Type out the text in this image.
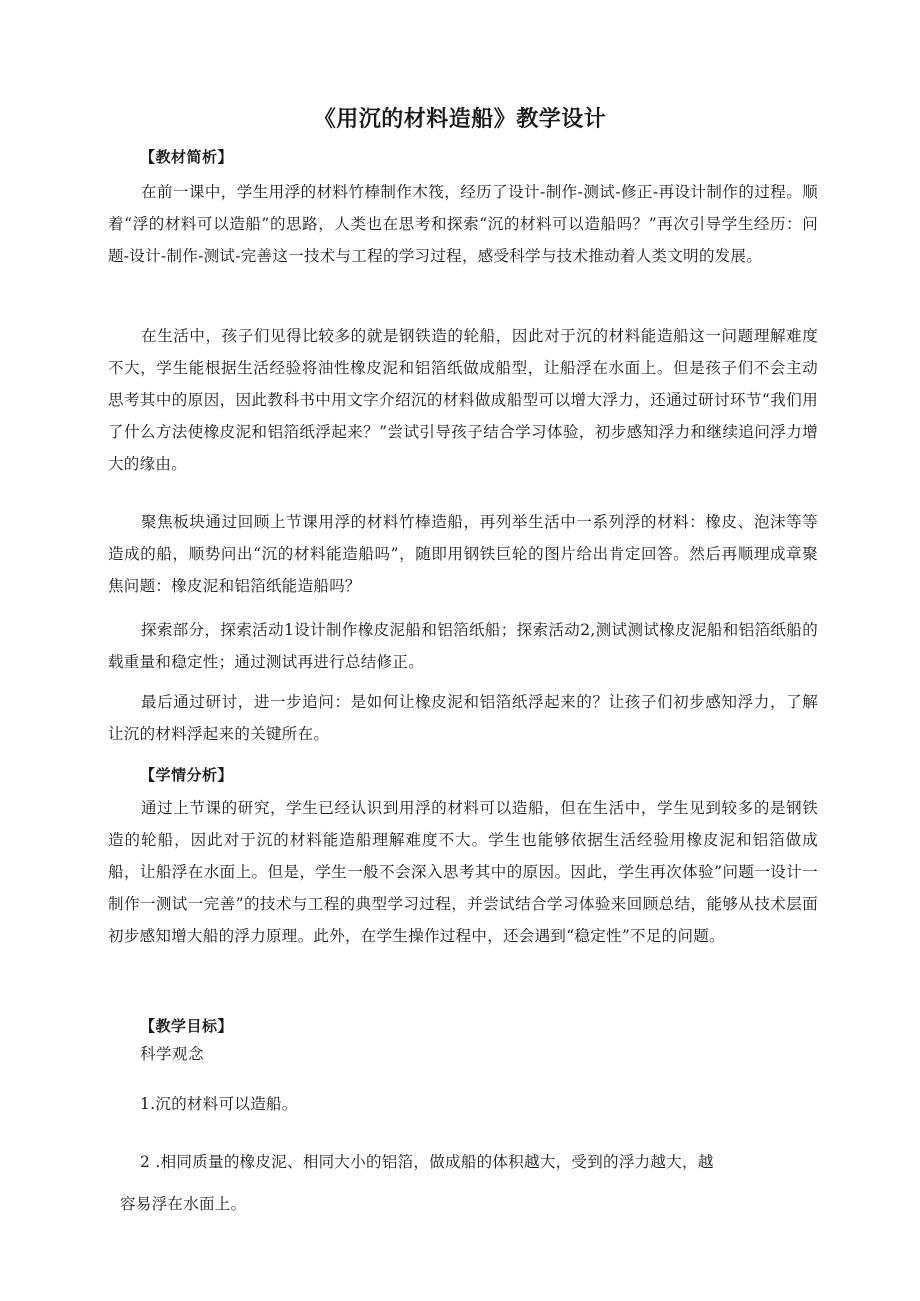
《用沉的材料造船》教学设计
【教材简析】
在前一课中，学生用浮的材料竹棒制作木筏，经历了设计-制作-测试-修正-再设计制作的过程。顺着“浮的材料可以造船”的思路，人类也在思考和探索“沉的材料可以造船吗？”再次引导学生经历：问题-设计-制作-测试-完善这一技术与工程的学习过程，感受科学与技术推动着人类文明的发展。
在生活中，孩子们见得比较多的就是钢铁造的轮船，因此对于沉的材料能造船这一问题理解难度不大，学生能根据生活经验将油性橡皮泥和铝箔纸做成船型，让船浮在水面上。但是孩子们不会主动思考其中的原因，因此教科书中用文字介绍沉的材料做成船型可以增大浮力，还通过研讨环节“我们用了什么方法使橡皮泥和铝箔纸浮起来？”尝试引导孩子结合学习体验，初步感知浮力和继续追问浮力增大的缘由。
聚焦板块通过回顾上节课用浮的材料竹棒造船，再列举生活中一系列浮的材料：橡皮、泡沫等等造成的船，顺势问出“沉的材料能造船吗”，随即用钢铁巨轮的图片给出肯定回答。然后再顺理成章聚焦问题：橡皮泥和铝箔纸能造船吗？
探索部分，探索活动1设计制作橡皮泥船和铝箔纸船；探索活动2,测试测试橡皮泥船和铝箔纸船的载重量和稳定性；通过测试再进行总结修正。
最后通过研讨，进一步追问：是如何让橡皮泥和铝箔纸浮起来的？让孩子们初步感知浮力，了解让沉的材料浮起来的关键所在。
【学情分析】
通过上节课的研究，学生已经认识到用浮的材料可以造船，但在生活中，学生见到较多的是钢铁造的轮船，因此对于沉的材料能造船理解难度不大。学生也能够依据生活经验用橡皮泥和铝箔做成船，让船浮在水面上。但是，学生一般不会深入思考其中的原因。因此，学生再次体验”问题一设计一制作一测试一完善”的技术与工程的典型学习过程，并尝试结合学习体验来回顾总结，能够从技术层面初步感知增大船的浮力原理。此外，在学生操作过程中，还会遇到“稳定性”不足的问题。
【教学目标】
科学观念
1.沉的材料可以造船。
2 .相同质量的橡皮泥、相同大小的铝箔，做成船的体积越大，受到的浮力越大，越
容易浮在水面上。
